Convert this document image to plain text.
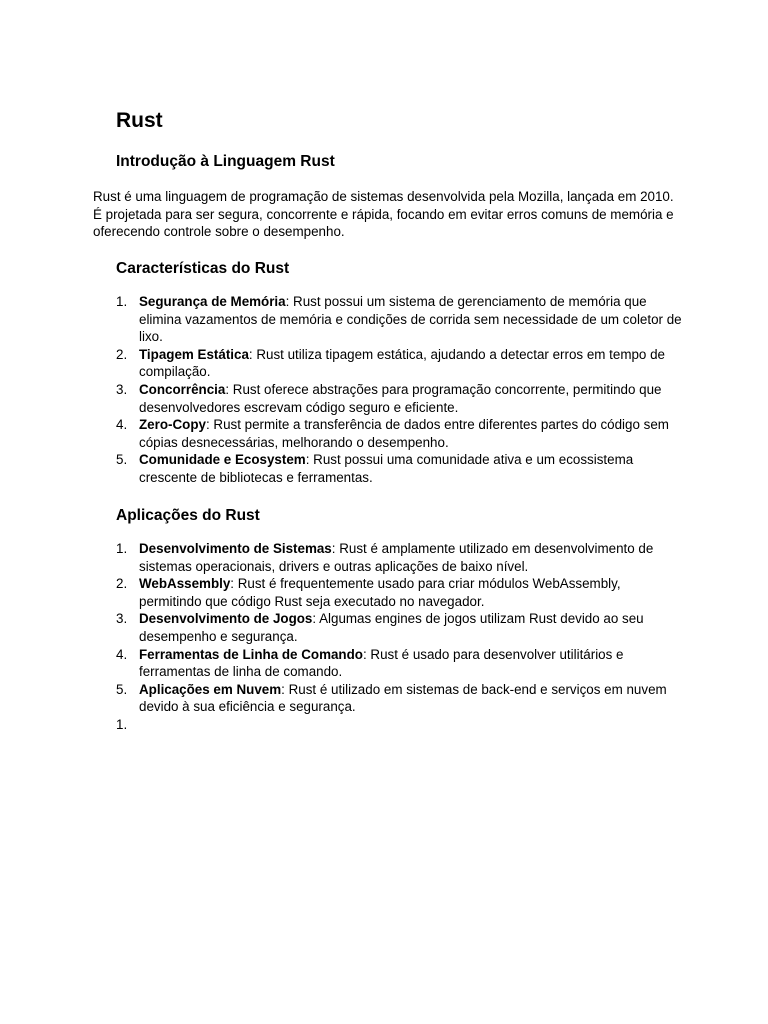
Rust
Introdução à Linguagem Rust

Rust é uma linguagem de programação de sistemas desenvolvida pela Mozilla, lançada em 2010. É projetada para ser segura, concorrente e rápida, focando em evitar erros comuns de memória e oferecendo controle sobre o desempenho.

Características do Rust
1. Segurança de Memória: Rust possui um sistema de gerenciamento de memória que elimina vazamentos de memória e condições de corrida sem necessidade de um coletor de lixo.
2. Tipagem Estática: Rust utiliza tipagem estática, ajudando a detectar erros em tempo de compilação.
3. Concorrência: Rust oferece abstrações para programação concorrente, permitindo que desenvolvedores escrevam código seguro e eficiente.
4. Zero-Copy: Rust permite a transferência de dados entre diferentes partes do código sem cópias desnecessárias, melhorando o desempenho.
5. Comunidade e Ecosystem: Rust possui uma comunidade ativa e um ecossistema crescente de bibliotecas e ferramentas.
Aplicações do Rust
1. Desenvolvimento de Sistemas: Rust é amplamente utilizado em desenvolvimento de sistemas operacionais, drivers e outras aplicações de baixo nível.
2. WebAssembly: Rust é frequentemente usado para criar módulos WebAssembly, permitindo que código Rust seja executado no navegador.
3. Desenvolvimento de Jogos: Algumas engines de jogos utilizam Rust devido ao seu desempenho e segurança.
4. Ferramentas de Linha de Comando: Rust é usado para desenvolver utilitários e ferramentas de linha de comando.
5. Aplicações em Nuvem: Rust é utilizado em sistemas de back-end e serviços em nuvem devido à sua eficiência e segurança.
1.
